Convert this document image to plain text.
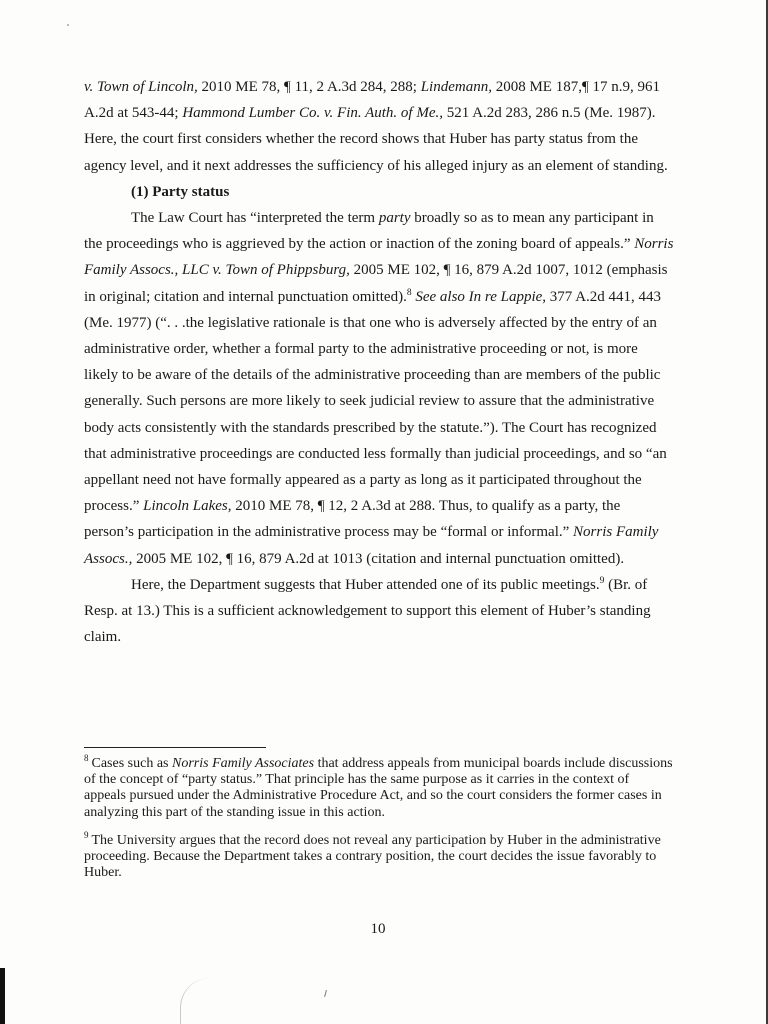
v. Town of Lincoln, 2010 ME 78, ¶ 11, 2 A.3d 284, 288; Lindemann, 2008 ME 187,¶ 17 n.9, 961 A.2d at 543-44; Hammond Lumber Co. v. Fin. Auth. of Me., 521 A.2d 283, 286 n.5 (Me. 1987). Here, the court first considers whether the record shows that Huber has party status from the agency level, and it next addresses the sufficiency of his alleged injury as an element of standing.

(1) Party status

The Law Court has “interpreted the term party broadly so as to mean any participant in the proceedings who is aggrieved by the action or inaction of the zoning board of appeals.” Norris Family Assocs., LLC v. Town of Phippsburg, 2005 ME 102, ¶ 16, 879 A.2d 1007, 1012 (emphasis in original; citation and internal punctuation omitted).$^8$ See also In re Lappie, 377 A.2d 441, 443 (Me. 1977) (“. . .the legislative rationale is that one who is adversely affected by the entry of an administrative order, whether a formal party to the administrative proceeding or not, is more likely to be aware of the details of the administrative proceeding than are members of the public generally. Such persons are more likely to seek judicial review to assure that the administrative body acts consistently with the standards prescribed by the statute.”). The Court has recognized that administrative proceedings are conducted less formally than judicial proceedings, and so “an appellant need not have formally appeared as a party as long as it participated throughout the process.” Lincoln Lakes, 2010 ME 78, ¶ 12, 2 A.3d at 288. Thus, to qualify as a party, the person’s participation in the administrative process may be “formal or informal.” Norris Family Assocs., 2005 ME 102, ¶ 16, 879 A.2d at 1013 (citation and internal punctuation omitted).

Here, the Department suggests that Huber attended one of its public meetings.$^9$ (Br. of Resp. at 13.) This is a sufficient acknowledgement to support this element of Huber’s standing claim.

$^8$ Cases such as Norris Family Associates that address appeals from municipal boards include discussions of the concept of “party status.” That principle has the same purpose as it carries in the context of appeals pursued under the Administrative Procedure Act, and so the court considers the former cases in analyzing this part of the standing issue in this action.

$^9$ The University argues that the record does not reveal any participation by Huber in the administrative proceeding. Because the Department takes a contrary position, the court decides the issue favorably to Huber.

10
